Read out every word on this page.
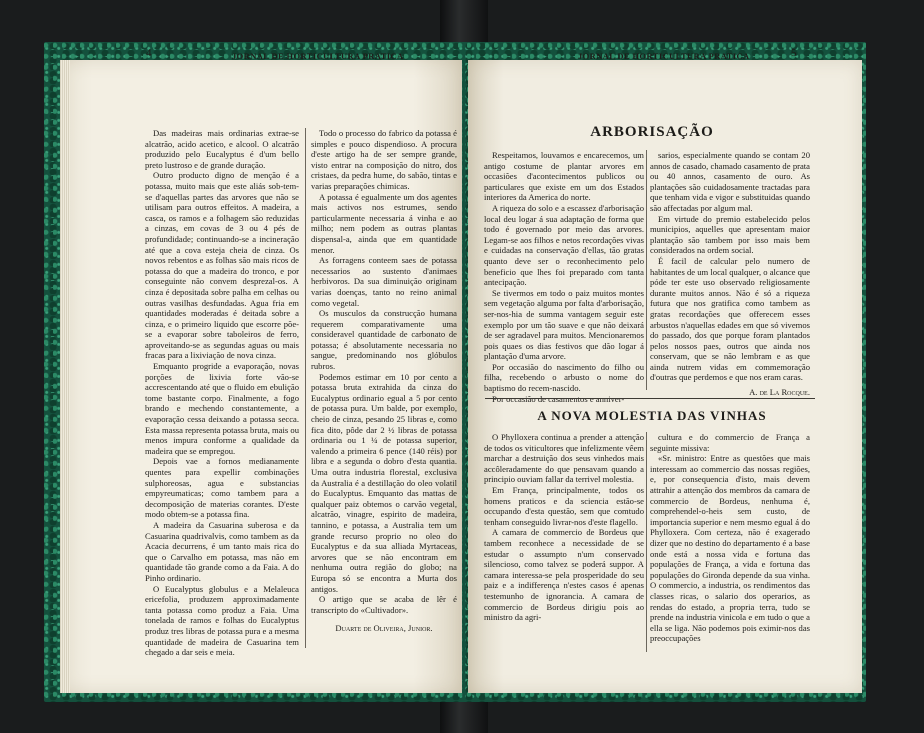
4	JORNAL DE HORTICULTURA PRATICA

Das madeiras mais ordinarias extrae-se alcatrão, acido acetico, e alcool. O alcatrão produzido pelo Eucalyptus é d'um bello preto lustroso e de grande duração.

Outro producto digno de menção é a potassa, muito mais que este aliás sob-tem-se d'aquellas partes das arvores que não se utilisam para outros effeitos. A madeira, a casca, os ramos e a folhagem são reduzidas a cinzas, em covas de 3 ou 4 pés de profundidade; continuando-se a incineração até que a cova esteja cheia de cinza. Os novos rebentos e as folhas são mais ricos de potassa do que a madeira do tronco, e por conseguinte não convem desprezal-os. A cinza é depositada sobre palha em celhas ou outras vasilhas desfundadas. Agua fria em quantidades moderadas é deitada sobre a cinza, e o primeiro liquido que escorre põe-se a evaporar sobre taboleiros de ferro, aproveitando-se as segundas aguas ou mais fracas para a lixiviação de nova cinza.

Emquanto progride a evaporação, novas porções de lixivia forte vão-se accrescentando até que o fluido em ebulição tome bastante corpo. Finalmente, a fogo brando e mechendo constantemente, a evaporação cessa deixando a potassa secca. Esta massa representa potassa bruta, mais ou menos impura conforme a qualidade da madeira que se empregou.

Depois vae a fornos medianamente quentes para expellir combinações sulphoreosas, agua e substancias empyreumaticas; como tambem para a decomposição de materias corantes. D'este modo obtem-se a potassa fina.

A madeira da Casuarina suberosa e da Casuarina quadrivalvis, como tambem as da Acacia decurrens, é um tanto mais rica do que o Carvalho em potassa, mas não em quantidade tão grande como a da Faia. A do Pinho ordinario.

O Eucalyptus globulus e a Melaleuca ericefolia, produzem approximadamente tanta potassa como produz a Faia. Uma tonelada de ramos e folhas do Eucalyptus produz tres libras de potassa pura e a mesma quantidade de madeira de Casuarina tem chegado a dar seis e meia.

Todo o processo do fabrico da potassa é simples e pouco dispendioso. A procura d'este artigo ha de ser sempre grande, visto entrar na composição do nitro, dos cristaes, da pedra hume, do sabão, tintas e varias preparações chimicas.

A potassa é egualmente um dos agentes mais activos nos estrumes, sendo particularmente necessaria á vinha e ao milho; nem podem as outras plantas dispensal-a, ainda que em quantidade menor.

As forragens conteem saes de potassa necessarios ao sustento d'animaes herbivoros. Da sua diminuição originam varias doenças, tanto no reino animal como vegetal.

Os musculos da construcção humana requerem comparativamente uma consideravel quantidade de carbonato de potassa; é absolutamente necessaria no sangue, predominando nos glóbulos rubros.

Podemos estimar em 10 por cento a potassa bruta extrahida da cinza do Eucalyptus ordinario egual a 5 por cento de potassa pura. Um balde, por exemplo, cheio de cinza, pesando 25 libras e, como fica dito, pôde dar 2 ½ libras de potassa ordinaria ou 1 ¼ de potassa superior, valendo a primeira 6 pence (140 réis) por libra e a segunda o dobro d'esta quantia. Uma outra industria florestal, exclusiva da Australia é a destillação do oleo volatil do Eucalyptus. Emquanto das mattas de qualquer paiz obtemos o carvão vegetal, alcatrão, vinagre, espirito de madeira, tannino, e potassa, a Australia tem um grande recurso proprio no oleo do Eucalyptus e da sua alliada Myrtaceas, arvores que se não encontram em nenhuma outra região do globo; na Europa só se encontra a Murta dos antigos.

O artigo que se acaba de lêr é transcripto do «Cultivador».

Duarte de Oliveira, Junior.
JORNAL DE HORTICULTURA PRATICA	5
ARBORISAÇÃO

Respeitamos, louvamos e encarecemos, um antigo costume de plantar arvores em occasiões d'acontecimentos publicos ou particulares que existe em um dos Estados interiores da America do norte.

A riqueza do solo e a escassez d'arborisação local deu logar á sua adaptação de forma que todo é governado por meio das arvores. Legam-se aos filhos e netos recordações vivas e cuidadas na conservação d'ellas, tão gratas quanto deve ser o reconhecimento pelo beneficio que lhes foi preparado com tanta antecipação.

Se tivermos em todo o paiz muitos montes sem vegetação alguma por falta d'arborisação, ser-nos-hia de summa vantagem seguir este exemplo por um tão suave e que não deixará de ser agradavel para muitos. Mencionaremos pois quaes os dias festivos que dão logar á plantação d'uma arvore.

Por occasião do nascimento do filho ou filha, recebendo o arbusto o nome do baptismo do recem-nascido.

sarios, especialmente quando se contam 20 annos de casado, chamado casamento de prata ou 40 annos, casamento de ouro. As plantações são cuidadosamente tractadas para que tenham vida e vigor e substituidas quando são affectadas por algum mal.

Em virtude do premio estabelecido pelos municipios, aquelles que apresentam maior plantação são tambem por isso mais bem considerados na ordem social.

É facil de calcular pelo numero de habitantes de um local qualquer, o alcance que póde ter este uso observado religiosamente durante muitos annos. Não é só a riqueza futura que nos gratifica como tambem as gratas recordações que offerecem esses arbustos n'aquellas edades em que só vivemos do passado, dos que porque foram plantados pelos nossos paes, outros que ainda nos conservam, que se não lembram e as que ainda nutrem vidas em commemoração d'outras que perdemos e que nos eram caras.

A. de La Rocque.
A NOVA MOLESTIA DAS VINHAS

O Phylloxera continua a prender a attenção de todos os viticultores que infelizmente vêem marchar a destruição dos seus vinhedos mais accôleradamente do que pensavam quando a principio ouviam fallar da terrivel molestia.

Em França, principalmente, todos os homens praticos e da sciencia estão-se occupando d'esta questão, sem que comtudo tenham conseguido livrar-nos d'este flagello.

A camara de commercio de Bordeus que tambem reconhece a necessidade de se estudar o assumpto n'um conservado silencioso, como talvez se poderá suppor. A camara interessa-se pela prosperidade do seu paiz e a indifferença n'estes casos é apenas testemunho de ignorancia. A camara de commercio de Bordeus dirigiu pois ao ministro da agri-

cultura e do commercio de França a seguinte missiva:

«Sr. ministro: Entre as questões que mais interessam ao commercio das nossas regiões, e, por consequencia d'isto, mais devem attrahir a attenção dos membros da camara de commercio de Bordeus, nenhuma é, comprehendel-o-heis sem custo, de importancia superior e nem mesmo egual á do Phylloxera. Com certeza, não é exagerado dizer que no destino do departamento é a base onde está a nossa vida e fortuna das populações de França, a vida e fortuna das populações do Gironda depende da sua vinha. O commercio, a industria, os rendimentos das classes ricas, o salario dos operarios, as rendas do estado, a propria terra, tudo se prende na industria vinicola e em tudo o que a ella se liga. Não podemos pois eximir-nos das preoccupações
